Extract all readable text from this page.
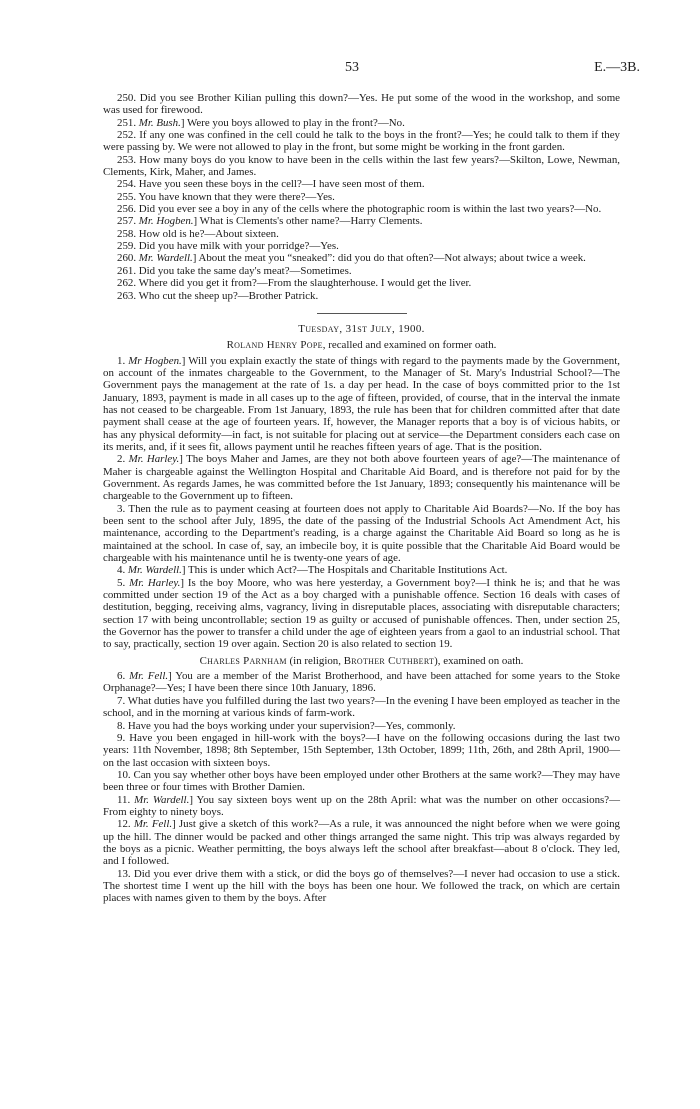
53	E.—3B.

250. Did you see Brother Kilian pulling this down?—Yes. He put some of the wood in the workshop, and some was used for firewood.

251. Mr. Bush.] Were you boys allowed to play in the front?—No.

252. If any one was confined in the cell could he talk to the boys in the front?—Yes; he could talk to them if they were passing by. We were not allowed to play in the front, but some might be working in the front garden.

253. How many boys do you know to have been in the cells within the last few years?—Skilton, Lowe, Newman, Clements, Kirk, Maher, and James.

254. Have you seen these boys in the cell?—I have seen most of them.

255. You have known that they were there?—Yes.

256. Did you ever see a boy in any of the cells where the photographic room is within the last two years?—No.

257. Mr. Hogben.] What is Clements's other name?—Harry Clements.

258. How old is he?—About sixteen.

259. Did you have milk with your porridge?—Yes.

260. Mr. Wardell.] About the meat you “sneaked”: did you do that often?—Not always; about twice a week.

261. Did you take the same day's meat?—Sometimes.

262. Where did you get it from?—From the slaughterhouse. I would get the liver.

263. Who cut the sheep up?—Brother Patrick.

Tuesday, 31st July, 1900.

Roland Henry Pope, recalled and examined on former oath.

1. Mr Hogben.] Will you explain exactly the state of things with regard to the payments made by the Government, on account of the inmates chargeable to the Government, to the Manager of St. Mary's Industrial School?—The Government pays the management at the rate of 1s. a day per head. In the case of boys committed prior to the 1st January, 1893, payment is made in all cases up to the age of fifteen, provided, of course, that in the interval the inmate has not ceased to be chargeable. From 1st January, 1893, the rule has been that for children committed after that date payment shall cease at the age of fourteen years. If, however, the Manager reports that a boy is of vicious habits, or has any physical deformity—in fact, is not suitable for placing out at service—the Department considers each case on its merits, and, if it sees fit, allows payment until he reaches fifteen years of age. That is the position.

2. Mr. Harley.] The boys Maher and James, are they not both above fourteen years of age?—The maintenance of Maher is chargeable against the Wellington Hospital and Charitable Aid Board, and is therefore not paid for by the Government. As regards James, he was committed before the 1st January, 1893; consequently his maintenance will be chargeable to the Government up to fifteen.

3. Then the rule as to payment ceasing at fourteen does not apply to Charitable Aid Boards?—No. If the boy has been sent to the school after July, 1895, the date of the passing of the Industrial Schools Act Amendment Act, his maintenance, according to the Department's reading, is a charge against the Charitable Aid Board so long as he is maintained at the school. In case of, say, an imbecile boy, it is quite possible that the Charitable Aid Board would be chargeable with his maintenance until he is twenty-one years of age.

4. Mr. Wardell.] This is under which Act?—The Hospitals and Charitable Institutions Act.

5. Mr. Harley.] Is the boy Moore, who was here yesterday, a Government boy?—I think he is; and that he was committed under section 19 of the Act as a boy charged with a punishable offence. Section 16 deals with cases of destitution, begging, receiving alms, vagrancy, living in disreputable places, associating with disreputable characters; section 17 with being uncontrollable; section 19 as guilty or accused of punishable offences. Then, under section 25, the Governor has the power to transfer a child under the age of eighteen years from a gaol to an industrial school. That to say, practically, section 19 over again. Section 20 is also related to section 19.

Charles Parnham (in religion, Brother Cuthbert), examined on oath.

6. Mr. Fell.] You are a member of the Marist Brotherhood, and have been attached for some years to the Stoke Orphanage?—Yes; I have been there since 10th January, 1896.

7. What duties have you fulfilled during the last two years?—In the evening I have been employed as teacher in the school, and in the morning at various kinds of farm-work.

8. Have you had the boys working under your supervision?—Yes, commonly.

9. Have you been engaged in hill-work with the boys?—I have on the following occasions during the last two years: 11th November, 1898; 8th September, 15th September, 13th October, 1899; 11th, 26th, and 28th April, 1900—on the last occasion with sixteen boys.

10. Can you say whether other boys have been employed under other Brothers at the same work?—They may have been three or four times with Brother Damien.

11. Mr. Wardell.] You say sixteen boys went up on the 28th April: what was the number on other occasions?—From eighty to ninety boys.

12. Mr. Fell.] Just give a sketch of this work?—As a rule, it was announced the night before when we were going up the hill. The dinner would be packed and other things arranged the same night. This trip was always regarded by the boys as a picnic. Weather permitting, the boys always left the school after breakfast—about 8 o'clock. They led, and I followed.

13. Did you ever drive them with a stick, or did the boys go of themselves?—I never had occasion to use a stick. The shortest time I went up the hill with the boys has been one hour. We followed the track, on which are certain places with names given to them by the boys. After
